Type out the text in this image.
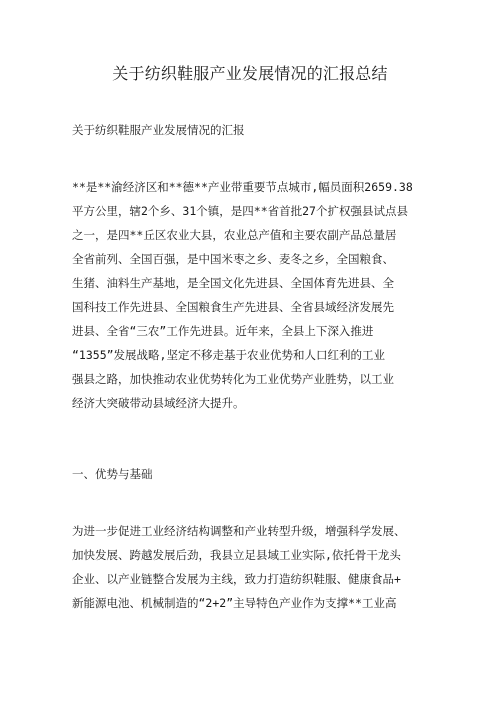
关于纺织鞋服产业发展情况的汇报总结
关于纺织鞋服产业发展情况的汇报
**是**渝经济区和**德**产业带重要节点城市,幅员面积2659.38
平方公里，辖2个乡、31个镇，是四**省首批27个扩权强县试点县
之一，是四**丘区农业大县，农业总产值和主要农副产品总量居
全省前列、全国百强，是中国米枣之乡、麦冬之乡，全国粮食、
生猪、油料生产基地，是全国文化先进县、全国体育先进县、全
国科技工作先进县、全国粮食生产先进县、全省县域经济发展先
进县、全省“三农”工作先进县。近年来，全县上下深入推进
“1355”发展战略,坚定不移走基于农业优势和人口红利的工业
强县之路，加快推动农业优势转化为工业优势产业胜势，以工业
经济大突破带动县域经济大提升。
一、优势与基础
为进一步促进工业经济结构调整和产业转型升级，增强科学发展、
加快发展、跨越发展后劲，我县立足县域工业实际,依托骨干龙头
企业、以产业链整合发展为主线，致力打造纺织鞋服、健康食品+
新能源电池、机械制造的“2+2”主导特色产业作为支撑**工业高
